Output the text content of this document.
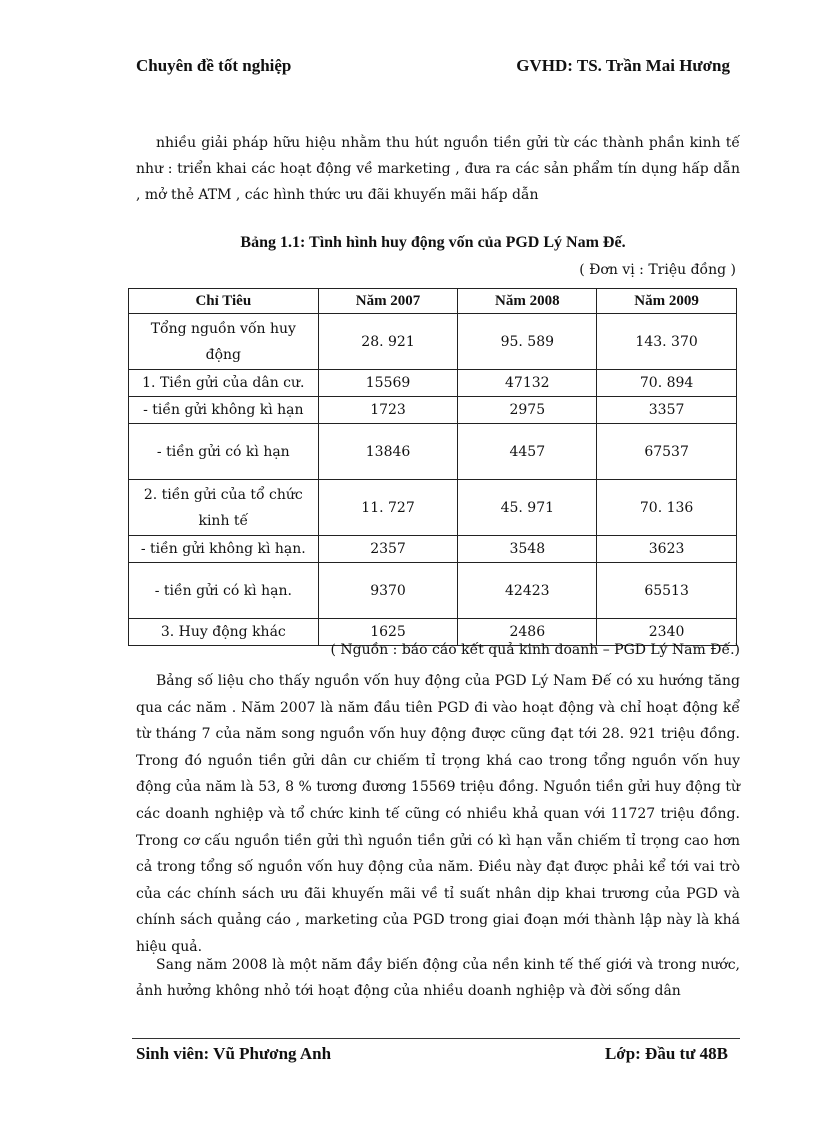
Chuyên đề tốt nghiệp	GVHD: TS. Trần Mai Hương
nhiều giải pháp hữu hiệu nhằm thu hút nguồn tiền gửi từ các thành phần kinh tế như : triển khai các hoạt động về marketing , đưa ra các sản phẩm tín dụng hấp dẫn , mở thẻ ATM , các hình thức ưu đãi khuyến mãi hấp dẫn
Bảng 1.1: Tình hình huy động vốn của PGD Lý Nam Đế.
( Đơn vị : Triệu đồng )
Chỉ Tiêu	Năm 2007	Năm 2008	Năm 2009
Tổng nguồn vốn huy động	28. 921	95. 589	143. 370
1. Tiền gửi của dân cư.	15569	47132	70. 894
- tiền gửi không kì hạn	1723	2975	3357
- tiền gửi có kì hạn	13846	4457	67537
2. tiền gửi của tổ chức kinh tế	11. 727	45. 971	70. 136
- tiền gửi không kì hạn.	2357	3548	3623
- tiền gửi có kì hạn.	9370	42423	65513
3. Huy động khác	1625	2486	2340
( Nguồn : báo cáo kết quả kinh doanh – PGD Lý Nam Đế.)
Bảng số liệu cho thấy nguồn vốn huy động của PGD Lý Nam Đế có xu hướng tăng qua các năm . Năm 2007 là năm đầu tiên PGD đi vào hoạt động và chỉ hoạt động kể từ tháng 7 của năm song nguồn vốn huy động được cũng đạt tới 28. 921 triệu đồng. Trong đó nguồn tiền gửi dân cư chiếm tỉ trọng khá cao trong tổng nguồn vốn huy động của năm là 53, 8 % tương đương 15569 triệu đồng. Nguồn tiền gửi huy động từ các doanh nghiệp và tổ chức kinh tế cũng có nhiều khả quan với 11727 triệu đồng. Trong cơ cấu nguồn tiền gửi thì nguồn tiền gửi có kì hạn vẫn chiếm tỉ trọng cao hơn cả trong tổng số nguồn vốn huy động của năm. Điều này đạt được phải kể tới vai trò của các chính sách ưu đãi khuyến mãi về tỉ suất nhân dịp khai trương của PGD và chính sách quảng cáo , marketing của PGD trong giai đoạn mới thành lập này là khá hiệu quả.
Sang năm 2008 là một năm đầy biến động của nền kinh tế thế giới và trong nước, ảnh hưởng không nhỏ tới hoạt động của nhiều doanh nghiệp và đời sống dân
Sinh viên: Vũ Phương Anh	Lớp: Đầu tư 48B
